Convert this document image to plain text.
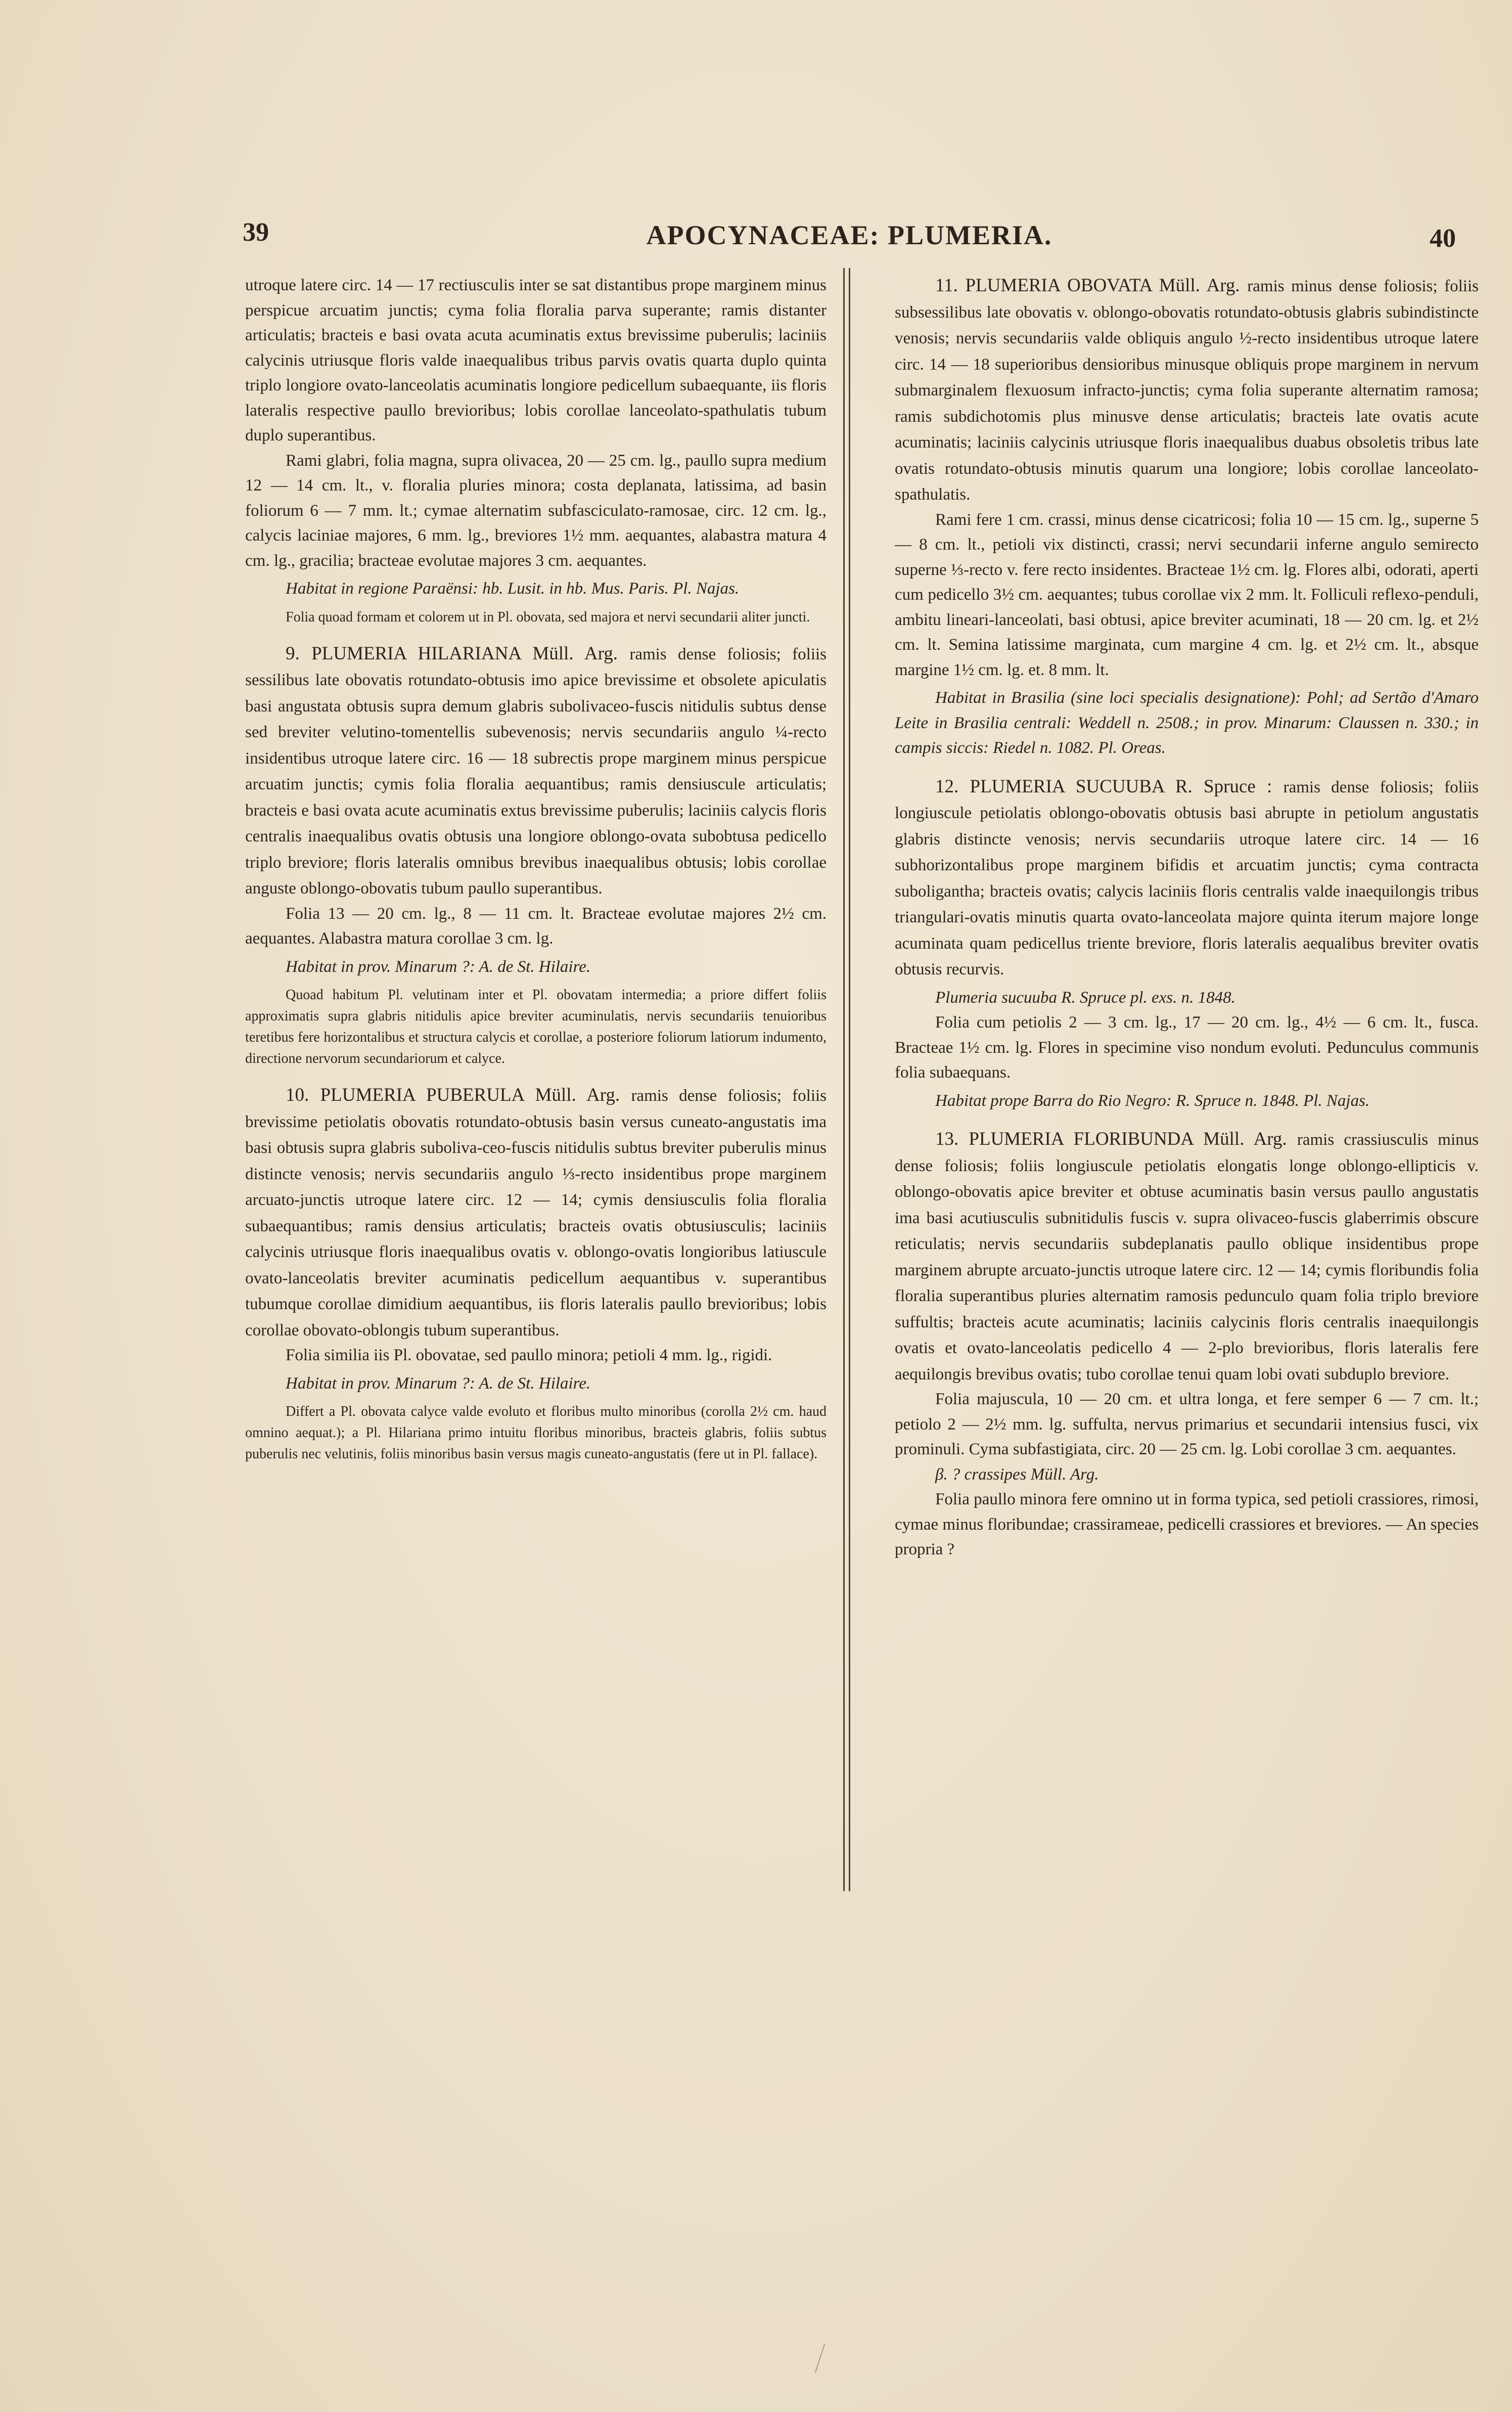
39	APOCYNACEAE: PLUMERIA.	40

utroque latere circ. 14 — 17 rectiusculis inter se sat distantibus prope marginem minus perspicue arcuatim junctis; cyma folia floralia parva superante; ramis distanter articulatis; bracteis e basi ovata acuta acuminatis extus brevissime puberulis; laciniis calycinis utriusque floris valde inaequalibus tribus parvis ovatis quarta duplo quinta triplo longiore ovato-lanceolatis acuminatis longiore pedicellum subaequante, iis floris lateralis respective paullo brevioribus; lobis corollae lanceolato-spathulatis tubum duplo superantibus.

Rami glabri, folia magna, supra olivacea, 20 — 25 cm. lg., paullo supra medium 12 — 14 cm. lt., v. floralia pluries minora; costa deplanata, latissima, ad basin foliorum 6 — 7 mm. lt.; cymae alternatim subfasciculato-ramosae, circ. 12 cm. lg., calycis laciniae majores, 6 mm. lg., breviores 1½ mm. aequantes, alabastra matura 4 cm. lg., gracilia; bracteae evolutae majores 3 cm. aequantes.

Habitat in regione Paraënsi: hb. Lusit. in hb. Mus. Paris. Pl. Najas.

Folia quoad formam et colorem ut in Pl. obovata, sed majora et nervi secundarii aliter juncti.

9. PLUMERIA HILARIANA Müll. Arg. ramis dense foliosis; foliis sessilibus late obovatis rotundato-obtusis imo apice brevissime et obsolete apiculatis basi angustata obtusis supra demum glabris subolivaceo-fuscis nitidulis subtus dense sed breviter velutino-tomentellis subevenosis; nervis secundariis angulo ¼-recto insidentibus utroque latere circ. 16 — 18 subrectis prope marginem minus perspicue arcuatim junctis; cymis folia floralia aequantibus; ramis densiuscule articulatis; bracteis e basi ovata acute acuminatis extus brevissime puberulis; laciniis calycis floris centralis inaequalibus ovatis obtusis una longiore oblongo-ovata subobtusa pedicello triplo breviore; floris lateralis omnibus brevibus inaequalibus obtusis; lobis corollae anguste oblongo-obovatis tubum paullo superantibus.

Folia 13 — 20 cm. lg., 8 — 11 cm. lt. Bracteae evolutae majores 2½ cm. aequantes. Alabastra matura corollae 3 cm. lg.

Habitat in prov. Minarum ?: A. de St. Hilaire.

Quoad habitum Pl. velutinam inter et Pl. obovatam intermedia; a priore differt foliis approximatis supra glabris nitidulis apice breviter acuminulatis, nervis secundariis tenuioribus teretibus fere horizontalibus et structura calycis et corollae, a posteriore foliorum latiorum indumento, directione nervorum secundariorum et calyce.

10. PLUMERIA PUBERULA Müll. Arg. ramis dense foliosis; foliis brevissime petiolatis obovatis rotundato-obtusis basin versus cuneato-angustatis ima basi obtusis supra glabris suboliva-ceo-fuscis nitidulis subtus breviter puberulis minus distincte venosis; nervis secundariis angulo ⅓-recto insidentibus prope marginem arcuato-junctis utroque latere circ. 12 — 14; cymis densiusculis folia floralia subaequantibus; ramis densius articulatis; bracteis ovatis obtusiusculis; laciniis calycinis utriusque floris inaequalibus ovatis v. oblongo-ovatis longioribus latiuscule ovato-lanceolatis breviter acuminatis pedicellum aequantibus v. superantibus tubumque corollae dimidium aequantibus, iis floris lateralis paullo brevioribus; lobis corollae obovato-oblongis tubum superantibus.

Folia similia iis Pl. obovatae, sed paullo minora; petioli 4 mm. lg., rigidi.

Habitat in prov. Minarum ?: A. de St. Hilaire.

Differt a Pl. obovata calyce valde evoluto et floribus multo minoribus (corolla 2½ cm. haud omnino aequat.); a Pl. Hilariana primo intuitu floribus minoribus, bracteis glabris, foliis subtus puberulis nec velutinis, foliis minoribus basin versus magis cuneato-angustatis (fere ut in Pl. fallace).

11. PLUMERIA OBOVATA Müll. Arg. ramis minus dense foliosis; foliis subsessilibus late obovatis v. oblongo-obovatis rotundato-obtusis glabris subindistincte venosis; nervis secundariis valde obliquis angulo ½-recto insidentibus utroque latere circ. 14 — 18 superioribus densioribus minusque obliquis prope marginem in nervum submarginalem flexuosum infracto-junctis; cyma folia superante alternatim ramosa; ramis subdichotomis plus minusve dense articulatis; bracteis late ovatis acute acuminatis; laciniis calycinis utriusque floris inaequalibus duabus obsoletis tribus late ovatis rotundato-obtusis minutis quarum una longiore; lobis corollae lanceolato-spathulatis.

Rami fere 1 cm. crassi, minus dense cicatricosi; folia 10 — 15 cm. lg., superne 5 — 8 cm. lt., petioli vix distincti, crassi; nervi secundarii inferne angulo semirecto superne ⅓-recto v. fere recto insidentes. Bracteae 1½ cm. lg. Flores albi, odorati, aperti cum pedicello 3½ cm. aequantes; tubus corollae vix 2 mm. lt. Folliculi reflexo-penduli, ambitu lineari-lanceolati, basi obtusi, apice breviter acuminati, 18 — 20 cm. lg. et 2½ cm. lt. Semina latissime marginata, cum margine 4 cm. lg. et 2½ cm. lt., absque margine 1½ cm. lg. et. 8 mm. lt.

Habitat in Brasilia (sine loci specialis designatione): Pohl; ad Sertão d'Amaro Leite in Brasilia centrali: Weddell n. 2508.; in prov. Minarum: Claussen n. 330.; in campis siccis: Riedel n. 1082. Pl. Oreas.

12. PLUMERIA SUCUUBA R. Spruce : ramis dense foliosis; foliis longiuscule petiolatis oblongo-obovatis obtusis basi abrupte in petiolum angustatis glabris distincte venosis; nervis secundariis utroque latere circ. 14 — 16 subhorizontalibus prope marginem bifidis et arcuatim junctis; cyma contracta suboligantha; bracteis ovatis; calycis laciniis floris centralis valde inaequilongis tribus triangulari-ovatis minutis quarta ovato-lanceolata majore quinta iterum majore longe acuminata quam pedicellus triente breviore, floris lateralis aequalibus breviter ovatis obtusis recurvis.

Plumeria sucuuba R. Spruce pl. exs. n. 1848.

Folia cum petiolis 2 — 3 cm. lg., 17 — 20 cm. lg., 4½ — 6 cm. lt., fusca. Bracteae 1½ cm. lg. Flores in specimine viso nondum evoluti. Pedunculus communis folia subaequans.

Habitat prope Barra do Rio Negro: R. Spruce n. 1848. Pl. Najas.

13. PLUMERIA FLORIBUNDA Müll. Arg. ramis crassiusculis minus dense foliosis; foliis longiuscule petiolatis elongatis longe oblongo-ellipticis v. oblongo-obovatis apice breviter et obtuse acuminatis basin versus paullo angustatis ima basi acutiusculis subnitidulis fuscis v. supra olivaceo-fuscis glaberrimis obscure reticulatis; nervis secundariis subdeplanatis paullo oblique insidentibus prope marginem abrupte arcuato-junctis utroque latere circ. 12 — 14; cymis floribundis folia floralia superantibus pluries alternatim ramosis pedunculo quam folia triplo breviore suffultis; bracteis acute acuminatis; laciniis calycinis floris centralis inaequilongis ovatis et ovato-lanceolatis pedicello 4 — 2-plo brevioribus, floris lateralis fere aequilongis brevibus ovatis; tubo corollae tenui quam lobi ovati subduplo breviore.

Folia majuscula, 10 — 20 cm. et ultra longa, et fere semper 6 — 7 cm. lt.; petiolo 2 — 2½ mm. lg. suffulta, nervus primarius et secundarii intensius fusci, vix prominuli. Cyma subfastigiata, circ. 20 — 25 cm. lg. Lobi corollae 3 cm. aequantes.

β. ? crassipes Müll. Arg.

Folia paullo minora fere omnino ut in forma typica, sed petioli crassiores, rimosi, cymae minus floribundae; crassirameae, pedicelli crassiores et breviores. — An species propria ?
